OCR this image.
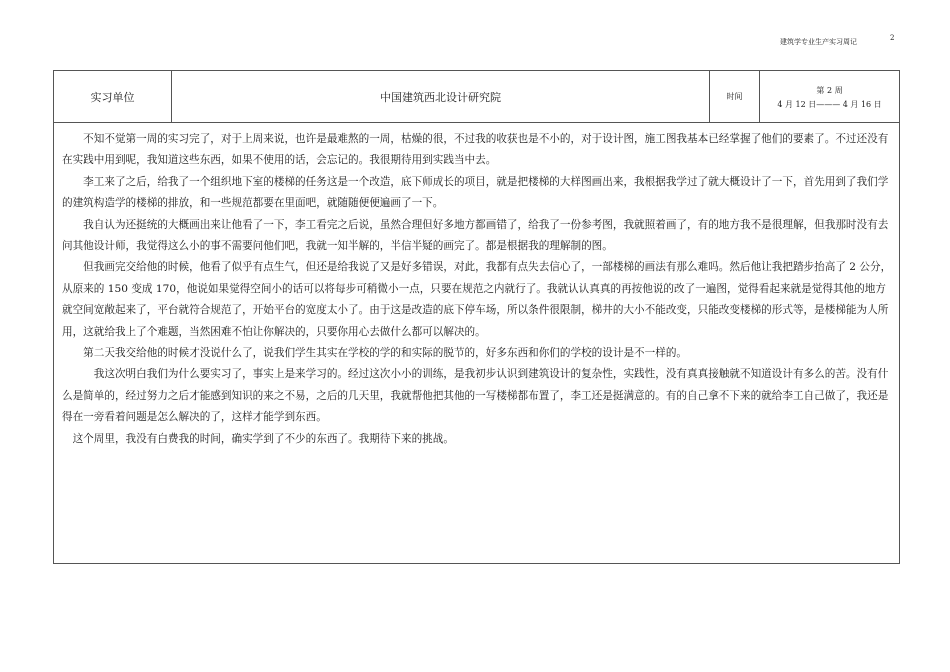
建筑学专业生产实习周记	2
实习单位	中国建筑西北设计研究院	时间
第 2 周
4 月 12 日——— 4 月 16 日

　　不知不觉第一周的实习完了，对于上周来说，也许是最难熬的一周，枯燥的很，不过我的收获也是不小的，对于设计图，施工图我基本已经掌握了他们的要素了。不过还没有在实践中用到呢，我知道这些东西，如果不使用的话，会忘记的。我很期待用到实践当中去。

　　李工来了之后，给我了一个组织地下室的楼梯的任务这是一个改造，底下师成长的项目，就是把楼梯的大样图画出来，我根据我学过了就大概设计了一下，首先用到了我们学的建筑构造学的楼梯的排放，和一些规范都要在里面吧，就随随便便遍画了一下。

　　我自认为还挺统的大概画出来让他看了一下，李工看完之后说，虽然合理但好多地方都画错了，给我了一份参考图，我就照着画了，有的地方我不是很理解，但我那时没有去问其他设计师，我觉得这么小的事不需要问他们吧，我就一知半解的，半信半疑的画完了。都是根据我的理解制的图。

　　但我画完交给他的时候，他看了似乎有点生气，但还是给我说了又是好多错误，对此，我都有点失去信心了，一部楼梯的画法有那么难吗。然后他让我把踏步抬高了 2 公分，从原来的 150 变成 170，他说如果觉得空间小的话可以将每步可稍微小一点，只要在规范之内就行了。我就认认真真的再按他说的改了一遍图，觉得看起来就是觉得其他的地方就空间宽敞起来了，平台就符合规范了，开始平台的宽度太小了。由于这是改造的底下停车场，所以条件很限制，梯井的大小不能改变，只能改变楼梯的形式等，是楼梯能为人所用，这就给我上了个难题，当然困难不怕让你解决的，只要你用心去做什么都可以解决的。

　　第二天我交给他的时候才没说什么了，说我们学生其实在学校的学的和实际的脱节的，好多东西和你们的学校的设计是不一样的。

　　　我这次明白我们为什么要实习了，事实上是来学习的。经过这次小小的训练，是我初步认识到建筑设计的复杂性，实践性，没有真真接触就不知道设计有多么的苦。没有什么是简单的，经过努力之后才能感到知识的来之不易，之后的几天里，我就帮他把其他的一写楼梯都布置了，李工还是挺满意的。有的自己拿不下来的就给李工自己做了，我还是得在一旁看着问题是怎么解决的了，这样才能学到东西。

　这个周里，我没有白费我的时间，确实学到了不少的东西了。我期待下来的挑战。
